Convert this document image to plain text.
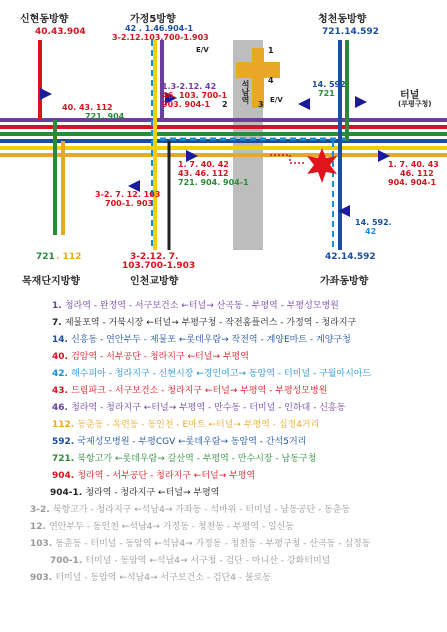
신현동방향	가정5방향	청천동방향
목재단지방향	인천교방향	가좌동방향
터널
(부평구청)
석남역
E/V
E/V
1
2	3
4
40.43.904	42 . 1.46.904-1
3-2.12.103.700-1.903
721.14.592
1.3-2.12. 42
46. 103. 700-1
903. 904-1
14. 592
721
40. 43. 112
721. 904
1. 7. 40. 42
43. 46. 112
721. 904. 904-1
1. 7. 40. 43
46. 112
904. 904-1
3-2. 7. 12. 103
700-1. 903
14. 592.
42
721 . 112	3-2.12. 7.
103.700-1.903
42.14.592
1. 청라역 - 완정역 - 서구보건소 ←터널→ 산곡동 - 부평역 - 부평성모병원
7. 제물포역 - 거북시장 ←터널→ 부평구청 - 작전홈플러스 - 가정역 - 청라지구
14. 신흥동 - 연안부두 - 제물포 ←롯데우람→ 작전역 - 계양E마트 - 계양구청
40. 검암역 - 서부공단 - 청라지구 ←터널→ 부평역
42. 해수피아 - 청라지구 - 신현시장 ←경인여고→ 동암역 - 터미널 - 구월아시아드
43. 드림파크 - 서구보건소 - 청라지구 ←터널→ 부평역 - 부평성모병원
46. 청라역 - 청라지구 ←터널→ 부평역 - 만수동 - 터미널 - 인하대 - 신흥동
112. 동춘동 - 옥련동 - 동인천 - E마트 ←터널→ 부평역 - 십정4거리
592. 국제성모병원 - 부평CGV ←롯데우람→ 동암역 - 간석5거리
721. 북항고가 ←롯데우람→ 갈산역 - 부평역 - 만수시장 - 남동구청
904. 청라역 - 서부공단 - 청라지구 ←터널→ 부평역
904-1. 청라역 - 청라지구 ←터널→ 부평역
3-2. 북항고가 - 청라지구 ←석남4→ 가좌동 - 석바위 - 터미널 - 남동공단 - 동춘동
12. 연안부두 - 동인천 ←석남4→ 가정동 - 청천동 - 부평역 - 일신동
103. 동춘동 - 터미널 - 동암역 ←석남4→ 가정동 - 청천동 - 부평구청 - 산곡동 - 십정동
700-1. 터미널 - 동암역 ←석남4→ 서구청 - 검단 - 마니산 - 강화터미널
903. 터미널 - 동암역 ←석남4→ 서구보건소 - 검단4 - 불로동
